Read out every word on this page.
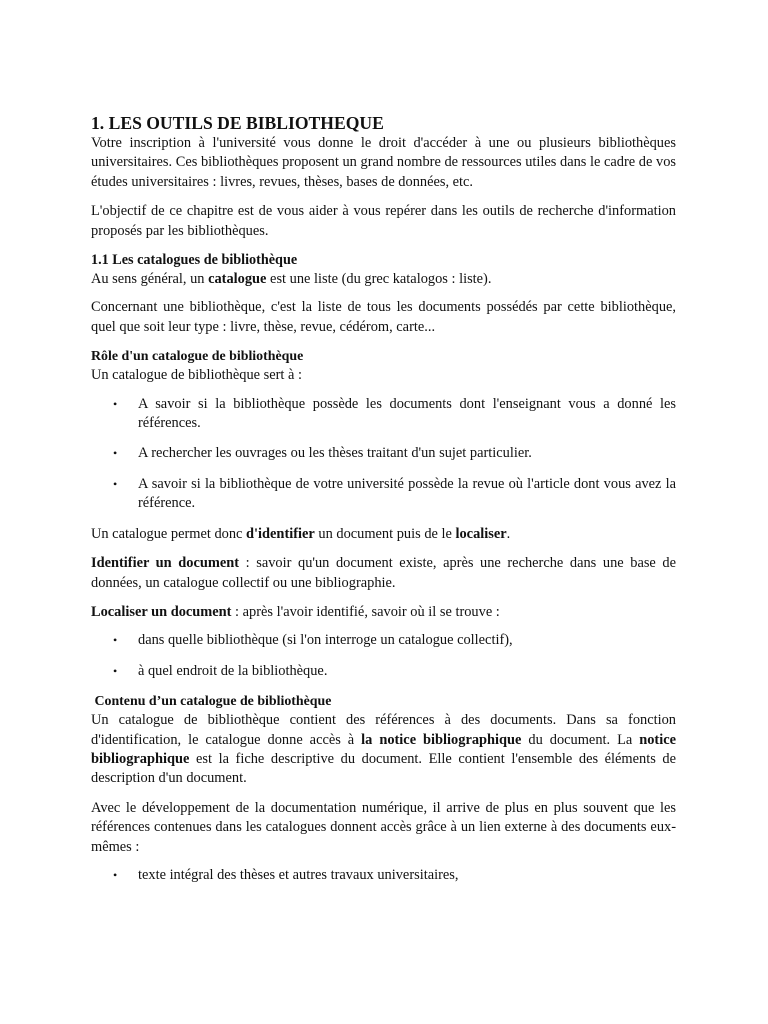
1. LES OUTILS DE BIBLIOTHEQUE

Votre inscription à l'université vous donne le droit d'accéder à une ou plusieurs bibliothèques universitaires. Ces bibliothèques proposent un grand nombre de ressources utiles dans le cadre de vos études universitaires : livres, revues, thèses, bases de données, etc.

L'objectif de ce chapitre est de vous aider à vous repérer dans les outils de recherche d'information proposés par les bibliothèques.

1.1 Les catalogues de bibliothèque

Au sens général, un catalogue est une liste (du grec katalogos : liste).

Concernant une bibliothèque, c'est la liste de tous les documents possédés par cette bibliothèque, quel que soit leur type : livre, thèse, revue, cédérom, carte...

Rôle d'un catalogue de bibliothèque

Un catalogue de bibliothèque sert à :

• A savoir si la bibliothèque possède les documents dont l'enseignant vous a donné les références.
• A rechercher les ouvrages ou les thèses traitant d'un sujet particulier.
• A savoir si la bibliothèque de votre université possède la revue où l'article dont vous avez la référence.

Un catalogue permet donc d'identifier un document puis de le localiser.

Identifier un document : savoir qu'un document existe, après une recherche dans une base de données, un catalogue collectif ou une bibliographie.

Localiser un document : après l'avoir identifié, savoir où il se trouve :

• dans quelle bibliothèque (si l'on interroge un catalogue collectif),
• à quel endroit de la bibliothèque.
Contenu d’un catalogue de bibliothèque

Un catalogue de bibliothèque contient des références à des documents. Dans sa fonction d'identification, le catalogue donne accès à la notice bibliographique du document. La notice bibliographique est la fiche descriptive du document. Elle contient l'ensemble des éléments de description d'un document.

Avec le développement de la documentation numérique, il arrive de plus en plus souvent que les références contenues dans les catalogues donnent accès grâce à un lien externe à des documents eux-mêmes :

• texte intégral des thèses et autres travaux universitaires,
